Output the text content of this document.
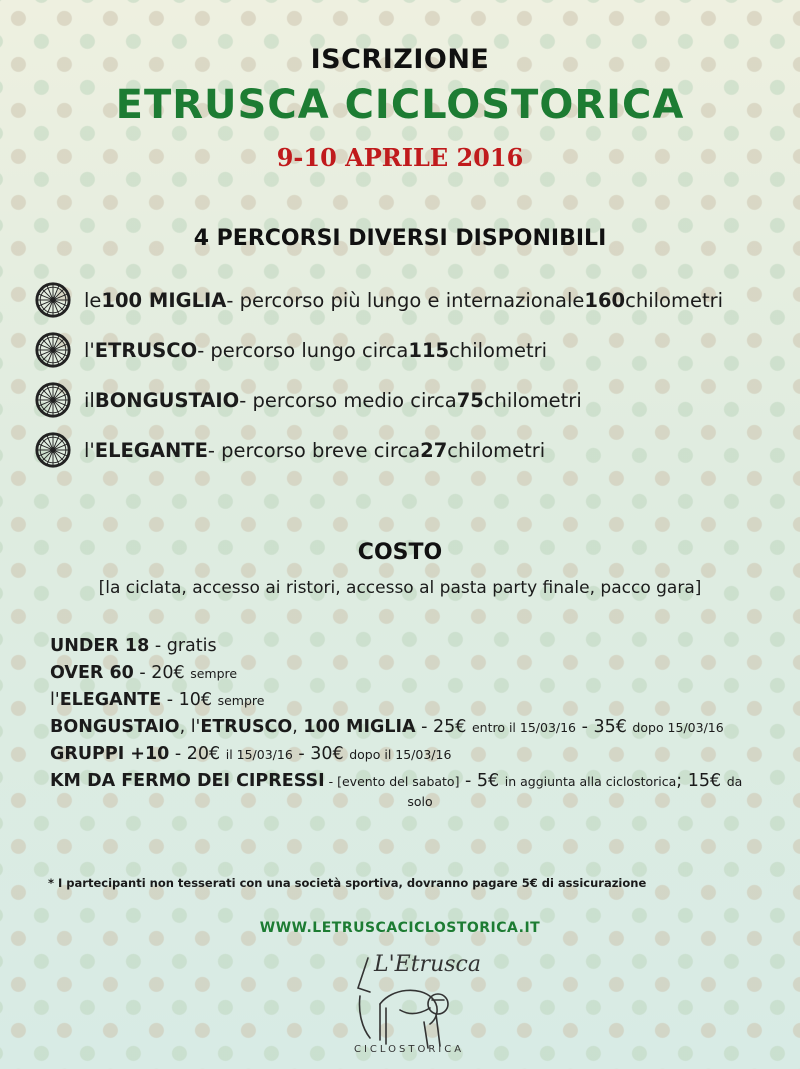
ISCRIZIONE
ETRUSCA CICLOSTORICA
9-10 APRILE 2016
4 PERCORSI DIVERSI DISPONIBILI
le 100 MIGLIA - percorso più lungo e internazionale 160 chilometri
l' ETRUSCO - percorso lungo circa 115 chilometri
il BONGUSTAIO - percorso medio circa 75 chilometri
l' ELEGANTE - percorso breve circa 27 chilometri
COSTO
[la ciclata, accesso ai ristori, accesso al pasta party finale, pacco gara]
UNDER 18 - gratis
OVER 60 - 20€ sempre
l'ELEGANTE - 10€ sempre
BONGUSTAIO, l'ETRUSCO, 100 MIGLIA - 25€ entro il 15/03/16 - 35€ dopo 15/03/16
GRUPPI +10 - 20€ il 15/03/16 - 30€ dopo il 15/03/16
KM DA FERMO DEI CIPRESSI - [evento del sabato] - 5€ in aggiunta alla ciclostorica; 15€ da
solo
* I partecipanti non tesserati con una società sportiva, dovranno pagare 5€ di assicurazione
WWW.LETRUSCACICLOSTORICA.IT
L'Etrusca
CICLOSTORICA
